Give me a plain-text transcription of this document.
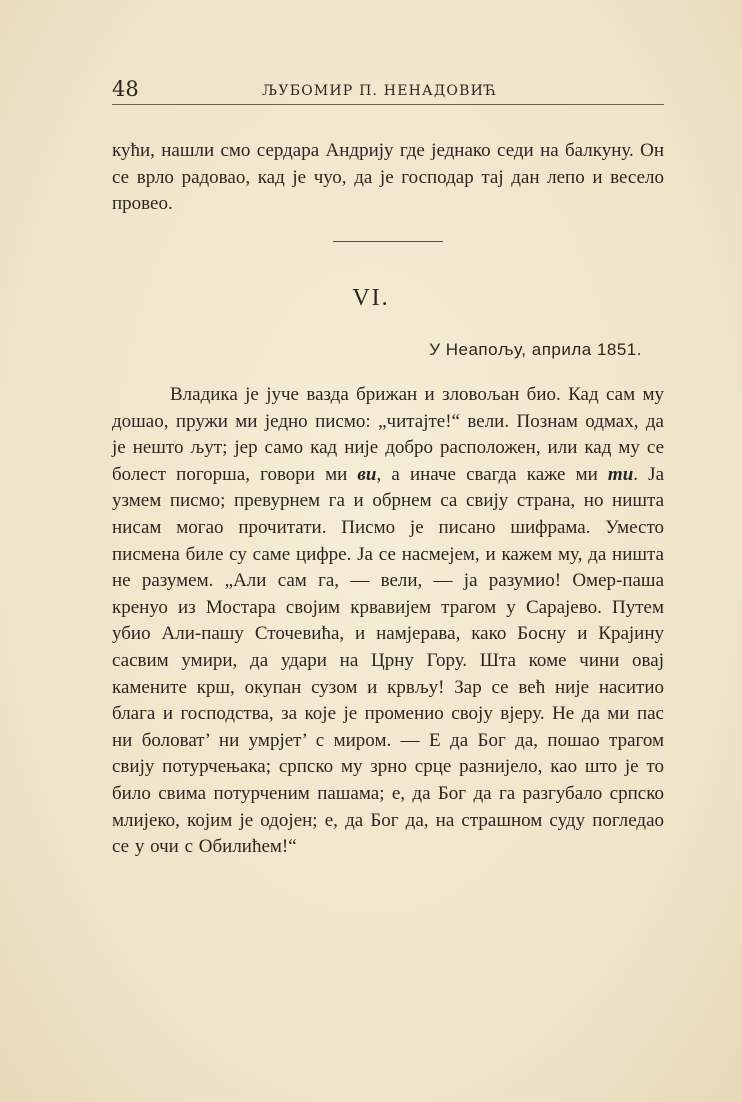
48	ЉУБОМИР П. НЕНАДОВИЋ

кући, нашли смо сердара Андрију где једнако седи на балкуну. Он се врло радовао, кад је чуо, да је господар тај дан лепо и весело провео.

VI.
У Неапољу, априла 1851.

Владика је јуче вазда брижан и зловољан био. Кад сам му дошао, пружи ми једно писмо: „читајте!“ вели. Познам одмах, да је нешто љут; јер само кад није добро расположен, или кад му се болест погорша, говори ми ви, а иначе свагда каже ми ти. Ја узмем писмо; превурнем га и обрнем са свију страна, но ништа нисам могао прочитати. Писмо је писано шифрама. Уместо писмена биле су саме цифре. Ја се насмејем, и кажем му, да ништа не разумем. „Али сам га, — вели, — ја разумио! Омер-паша кренуо из Мостара својим крвавијем трагом у Сарајево. Путем убио Али-пашу Сточевића, и намјерава, како Босну и Крајину сасвим умири, да удари на Црну Гору. Шта коме чини овај камените крш, окупан сузом и крвљу! Зар се већ није наситио блага и господства, за које је променио своју вјеру. Не да ми пас ни боловат’ ни умрјет’ с миром. — Е да Бог да, пошао трагом свију потурчењака; српско му зрно срце разнијело, као што је то било свима потурченим пашама; е, да Бог да га разгубало српско млијеко, којим је одојен; е, да Бог да, на страшном суду погледао се у очи с Обилићем!“
